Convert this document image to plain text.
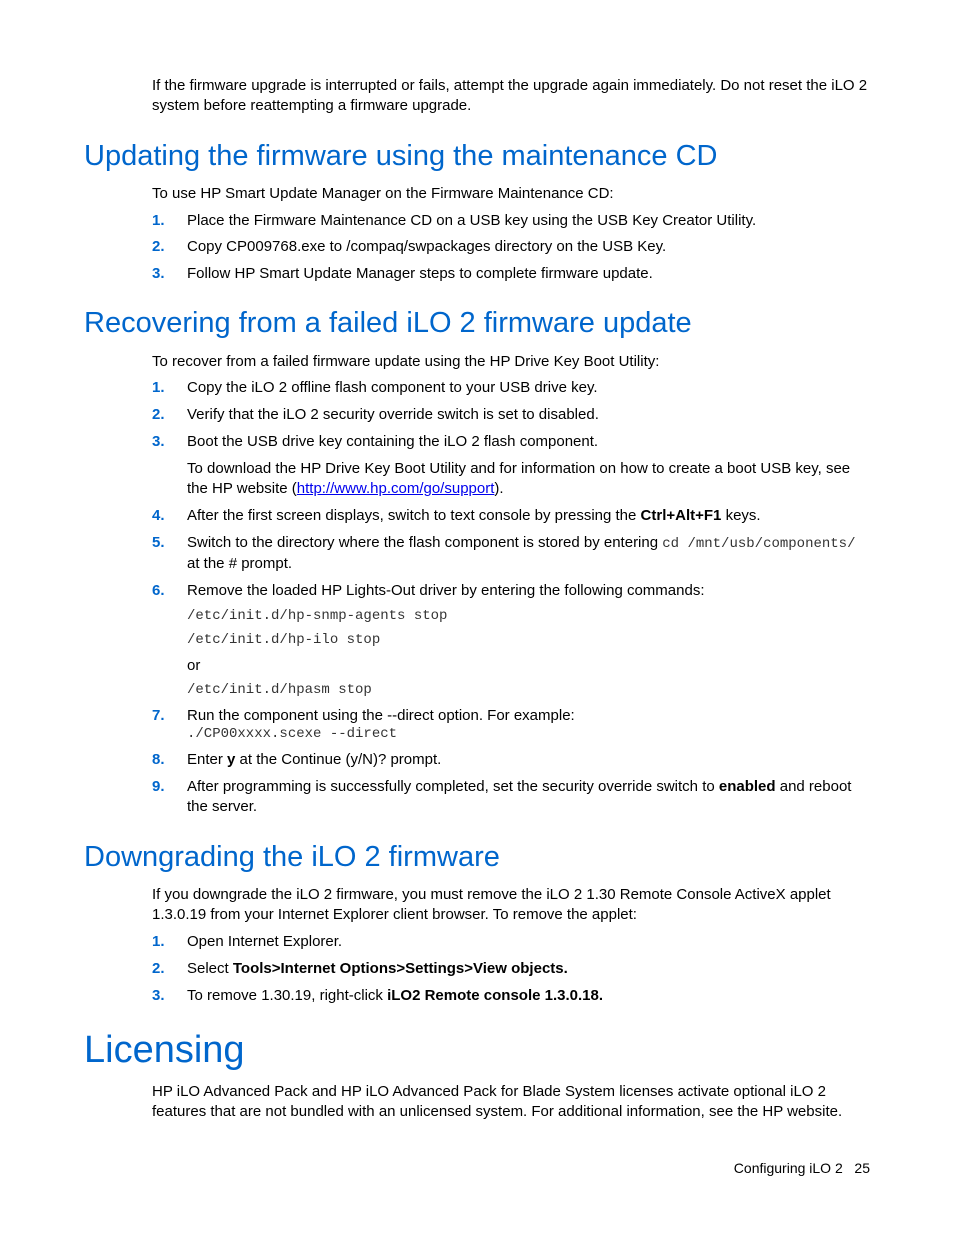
If the firmware upgrade is interrupted or fails, attempt the upgrade again immediately. Do not reset the iLO 2 system before reattempting a firmware upgrade.
Updating the firmware using the maintenance CD
To use HP Smart Update Manager on the Firmware Maintenance CD:
1. Place the Firmware Maintenance CD on a USB key using the USB Key Creator Utility.
2. Copy CP009768.exe to /compaq/swpackages directory on the USB Key.
3. Follow HP Smart Update Manager steps to complete firmware update.
Recovering from a failed iLO 2 firmware update
To recover from a failed firmware update using the HP Drive Key Boot Utility:
1. Copy the iLO 2 offline flash component to your USB drive key.
2. Verify that the iLO 2 security override switch is set to disabled.
3. Boot the USB drive key containing the iLO 2 flash component.
To download the HP Drive Key Boot Utility and for information on how to create a boot USB key, see the HP website (http://www.hp.com/go/support).
4. After the first screen displays, switch to text console by pressing the Ctrl+Alt+F1 keys.
5. Switch to the directory where the flash component is stored by entering cd /mnt/usb/components/ at the # prompt.
6. Remove the loaded HP Lights-Out driver by entering the following commands:
/etc/init.d/hp-snmp-agents stop
/etc/init.d/hp-ilo stop
or
/etc/init.d/hpasm stop
7. Run the component using the --direct option. For example:
./CP00xxxx.scexe --direct
8. Enter y at the Continue (y/N)? prompt.
9. After programming is successfully completed, set the security override switch to enabled and reboot the server.
Downgrading the iLO 2 firmware
If you downgrade the iLO 2 firmware, you must remove the iLO 2 1.30 Remote Console ActiveX applet 1.3.0.19 from your Internet Explorer client browser. To remove the applet:
1. Open Internet Explorer.
2. Select Tools>Internet Options>Settings>View objects.
3. To remove 1.30.19, right-click iLO2 Remote console 1.3.0.18.
Licensing
HP iLO Advanced Pack and HP iLO Advanced Pack for Blade System licenses activate optional iLO 2 features that are not bundled with an unlicensed system. For additional information, see the HP website.
Configuring iLO 2 25
